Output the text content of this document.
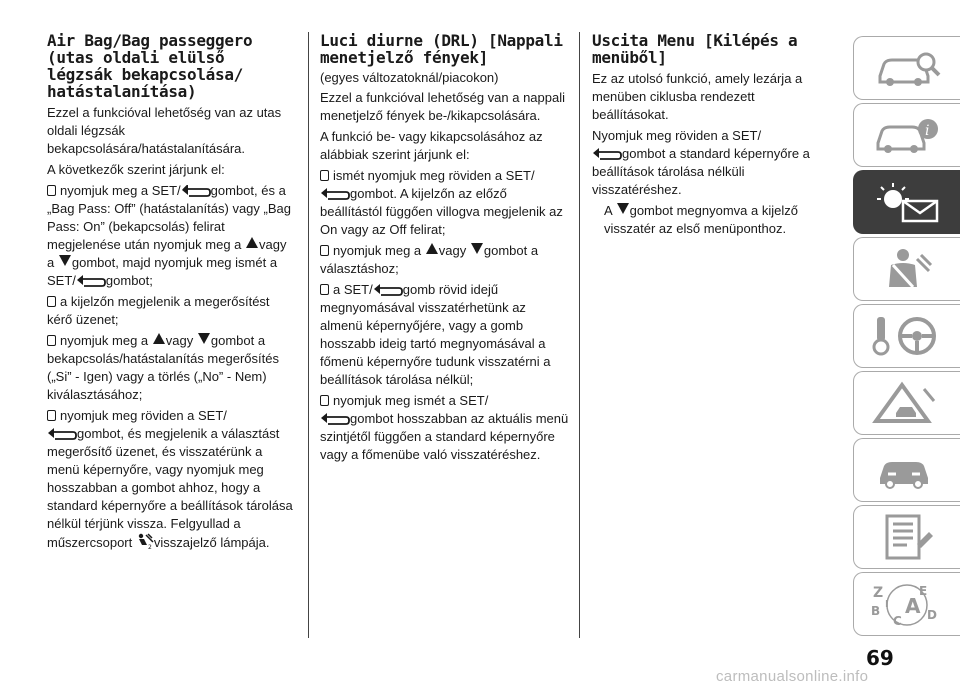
Air Bag/Bag passeggero (utas oldali elülső légzsák bekapcsolása/ hatástalanítása)

Ezzel a funkcióval lehetőség van az utas oldali légzsák bekapcsolására/hatástalanítására.

A következők szerint járjunk el:

nyomjuk meg a SET/ gombot, és a „Bag Pass: Off” (hatástalanítás) vagy „Bag Pass: On” (bekapcsolás) felirat megjelenése után nyomjuk meg a vagy a gombot, majd nyomjuk meg ismét a SET/ gombot;

a kijelzőn megjelenik a megerősítést kérő üzenet;

nyomjuk meg a vagy gombot a bekapcsolás/hatástalanítás megerősítés („Si” - Igen) vagy a törlés („No” - Nem) kiválasztásához;

nyomjuk meg röviden a SET/
gombot, és megjelenik a választást megerősítő üzenet, és visszatérünk a menü képernyőre, vagy nyomjuk meg hosszabban a gombot ahhoz, hogy a standard képernyőre a beállítások tárolása nélkül térjünk vissza. Felgyullad a műszercsoport	2 visszajelző lámpája.

Luci diurne (DRL) [Nappali menetjelző fények]

(egyes változatoknál/piacokon)

Ezzel a funkcióval lehetőség van a nappali menetjelző fények be-/kikapcsolására.

A funkció be- vagy kikapcsolásához az alábbiak szerint járjunk el:

ismét nyomjuk meg röviden a SET/
gombot. A kijelzőn az előző beállítástól függően villogva megjelenik az On vagy az Off felirat;

nyomjuk meg a vagy gombot a választáshoz;

a SET/ gomb rövid idejű megnyomásával visszatérhetünk az almenü képernyőjére, vagy a gomb hosszabb ideig tartó megnyomásával a főmenü képernyőre tudunk visszatérni a beállítások tárolása nélkül;

nyomjuk meg ismét a SET/
gombot hosszabban az aktuális menü szintjétől függően a standard képernyőre vagy a főmenübe való visszatéréshez.

Uscita Menu [Kilépés a menüből]

Ez az utolsó funkció, amely lezárja a menüben ciklusba rendezett beállításokat.

Nyomjuk meg röviden a SET/
gombot a standard képernyőre a beállítások tárolása nélküli visszatéréshez.

A gombot megnyomva a kijelző visszatér az első menüponthoz.

i
Z	E
B A D
C
I
69
carmanualsonline.info
